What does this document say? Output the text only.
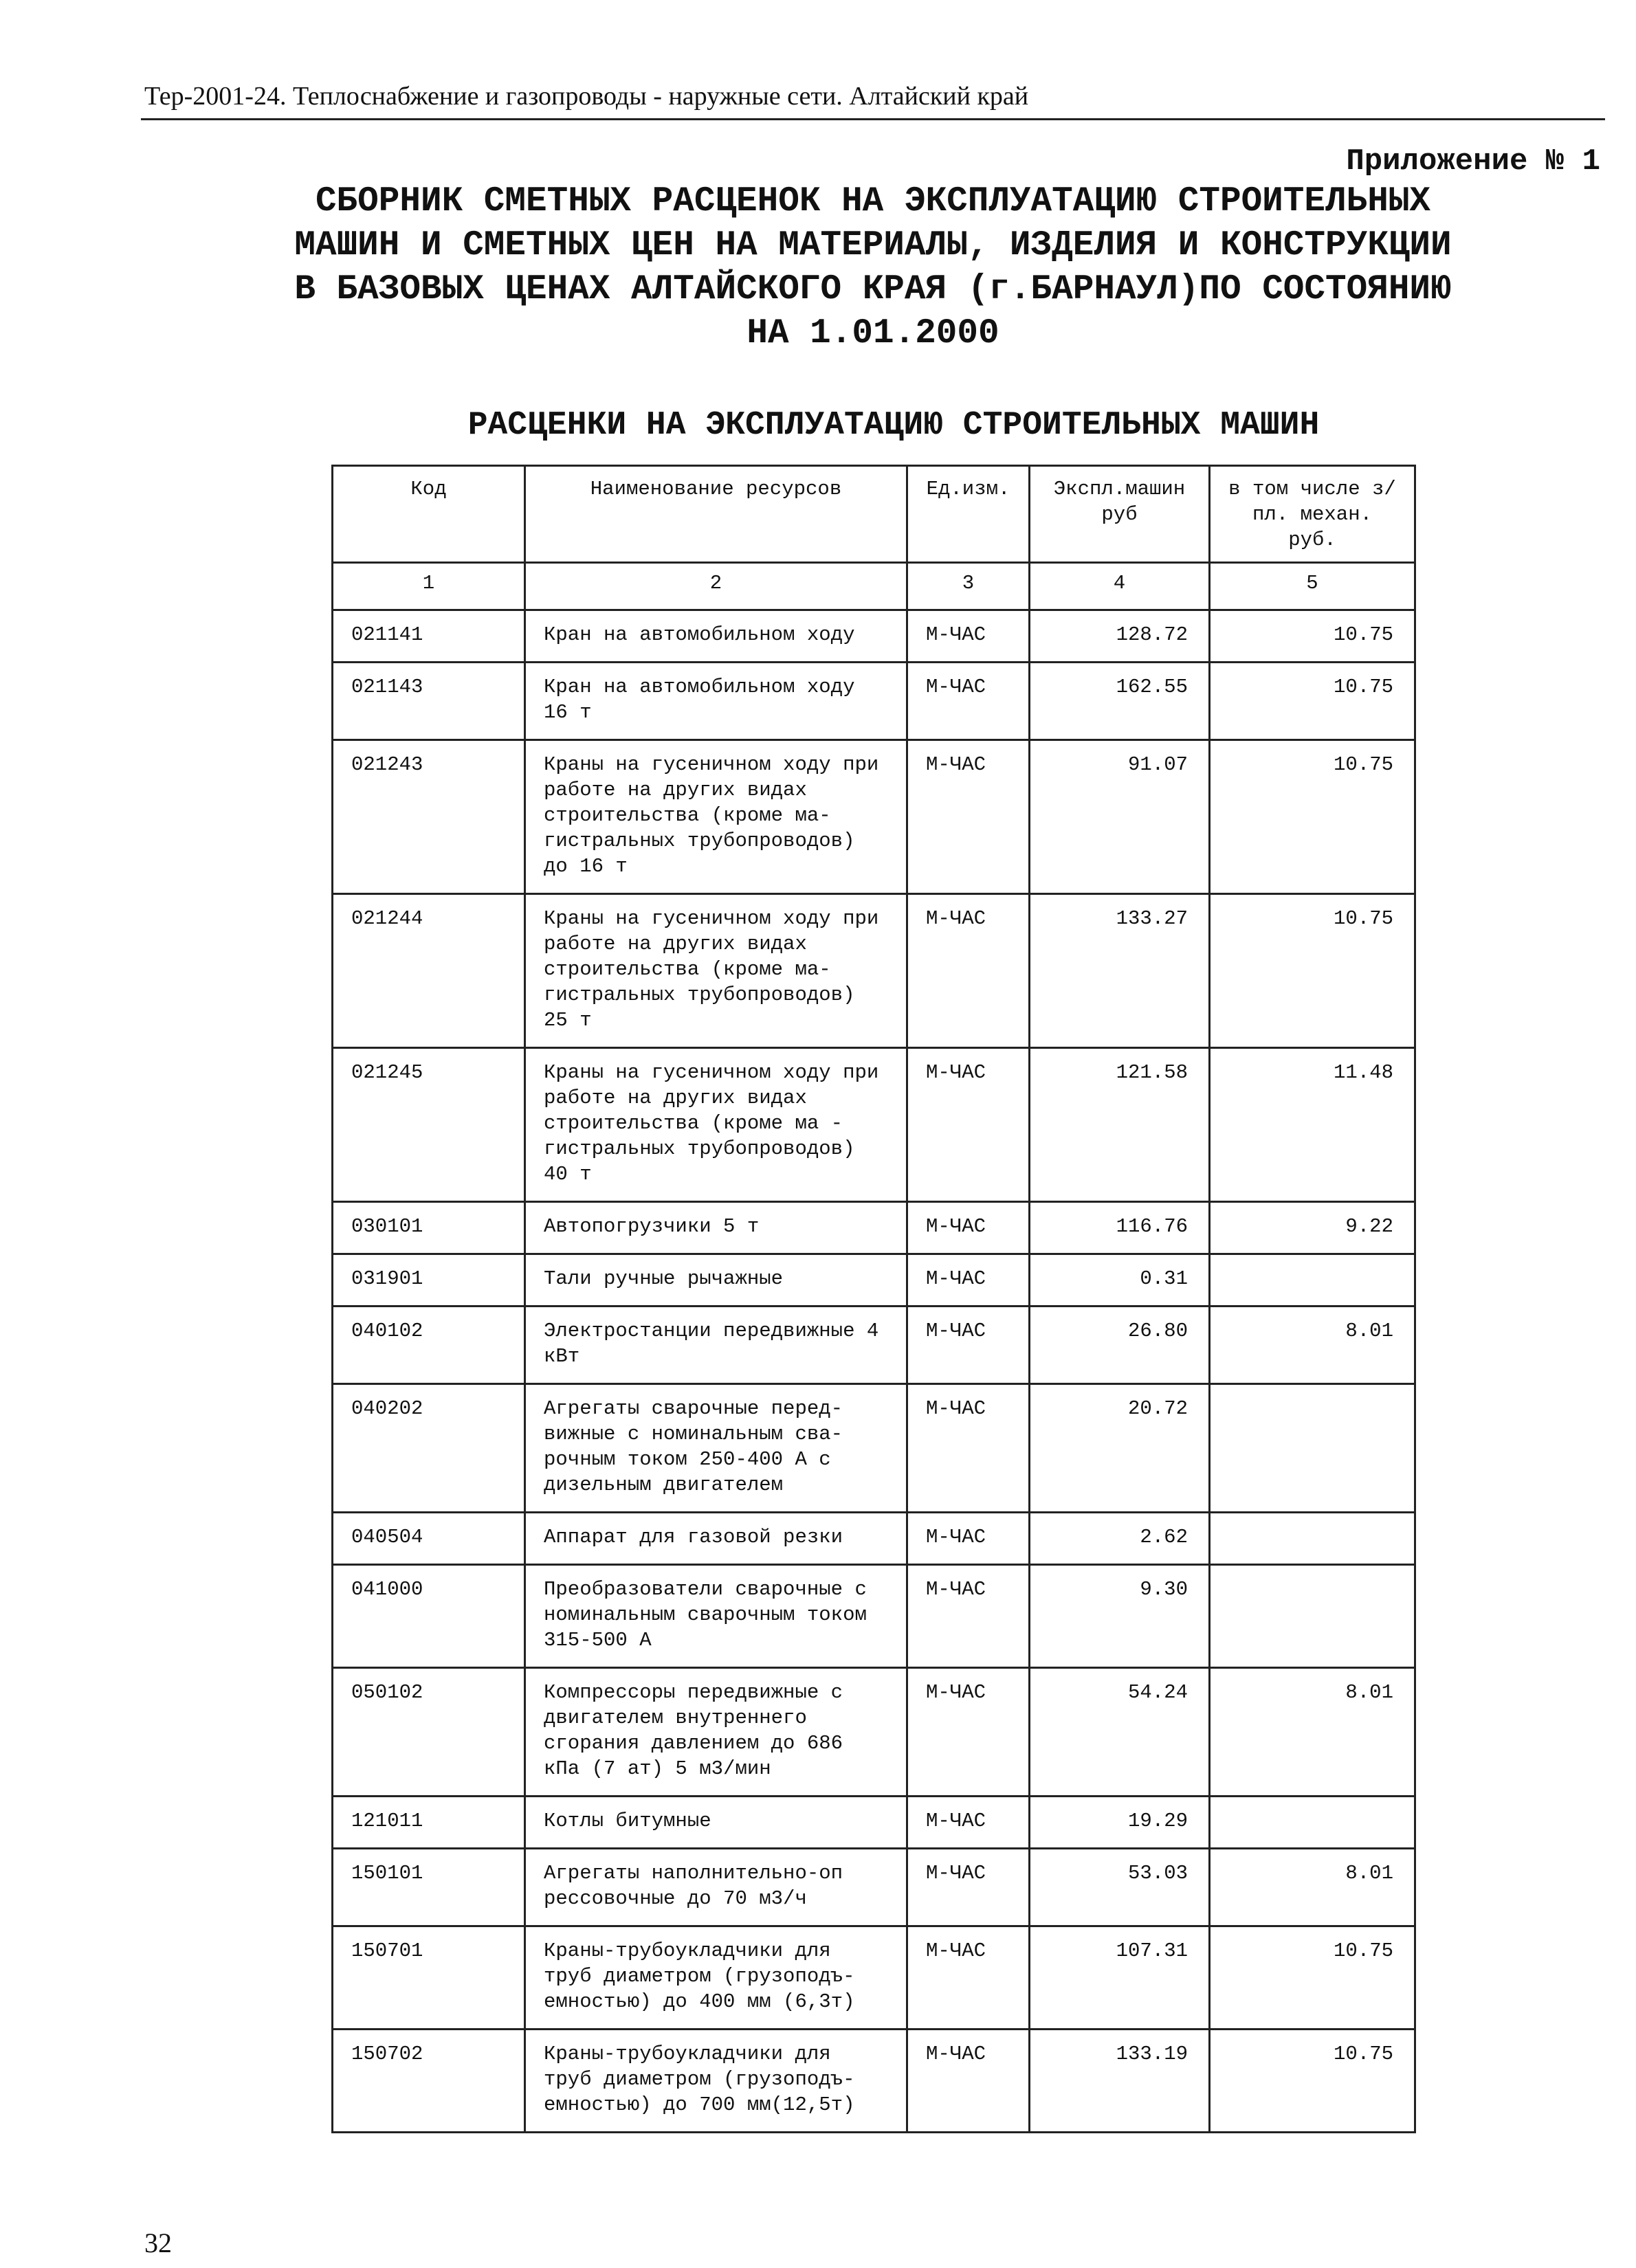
Тер-2001-24. Теплоснабжение и газопроводы - наружные сети. Алтайский край
Приложение № 1
СБОРНИК СМЕТНЫХ РАСЦЕНОК НА ЭКСПЛУАТАЦИЮ СТРОИТЕЛЬНЫХ
МАШИН И СМЕТНЫХ ЦЕН НА МАТЕРИАЛЫ, ИЗДЕЛИЯ И КОНСТРУКЦИИ
В БАЗОВЫХ ЦЕНАХ АЛТАЙСКОГО КРАЯ (г.БАРНАУЛ)ПО СОСТОЯНИЮ
НА 1.01.2000
РАСЦЕНКИ НА ЭКСПЛУАТАЦИЮ СТРОИТЕЛЬНЫХ МАШИН
Код	Наименование ресурсов	Ед.изм.	Экспл.машин руб	в том числе з/пл. механ. руб.
1	2	3	4	5
021141	Кран на автомобильном ходу	М-ЧАС	128.72	10.75
021143	Кран на автомобильном ходу 16 т	М-ЧАС	162.55	10.75
021243	Краны на гусеничном ходу при работе на других видах строительства (кроме ма- гистральных трубопроводов) до 16 т	М-ЧАС	91.07	10.75
021244	Краны на гусеничном ходу при работе на других видах строительства (кроме ма- гистральных трубопроводов) 25 т	М-ЧАС	133.27	10.75
021245	Краны на гусеничном ходу при работе на других видах строительства (кроме ма - гистральных трубопроводов) 40 т	М-ЧАС	121.58	11.48
030101	Автопогрузчики 5 т	М-ЧАС	116.76	9.22
031901	Тали ручные рычажные	М-ЧАС	0.31	
040102	Электростанции передвижные 4 кВт	М-ЧАС	26.80	8.01
040202	Агрегаты сварочные перед- вижные с номинальным сва- рочным током 250-400 А с дизельным двигателем	М-ЧАС	20.72	
040504	Аппарат для газовой резки	М-ЧАС	2.62	
041000	Преобразователи сварочные с номинальным сварочным током 315-500 А	М-ЧАС	9.30	
050102	Компрессоры передвижные с двигателем внутреннего сгорания давлением до 686 кПа (7 ат) 5 м3/мин	М-ЧАС	54.24	8.01
121011	Котлы битумные	М-ЧАС	19.29	
150101	Агрегаты наполнительно-оп рессовочные до 70 м3/ч	М-ЧАС	53.03	8.01
150701	Краны-трубоукладчики для труб диаметром (грузоподъ- емностью) до 400 мм (6,3т)	М-ЧАС	107.31	10.75
150702	Краны-трубоукладчики для труб диаметром (грузоподъ- емностью) до 700 мм(12,5т)	М-ЧАС	133.19	10.75
32
